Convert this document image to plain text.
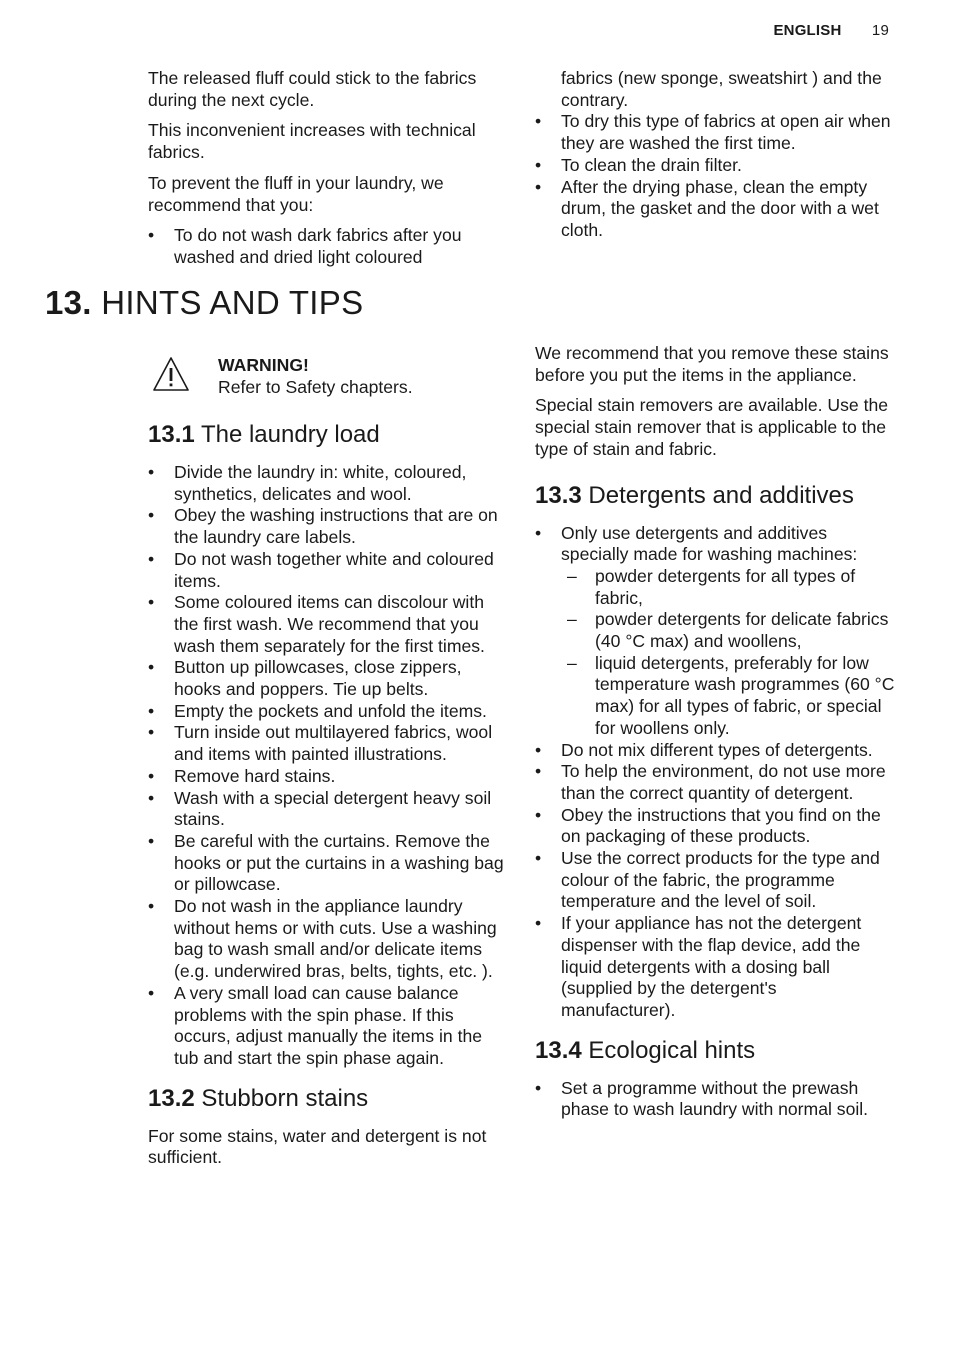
ENGLISH 19

The released fluff could stick to the fabrics during the next cycle.

This inconvenient increases with technical fabrics.

To prevent the fluff in your laundry, we recommend that you:

• To do not wash dark fabrics after you washed and dried light coloured

fabrics (new sponge, sweatshirt ) and the contrary.

• To dry this type of fabrics at open air when they are washed the first time.
• To clean the drain filter.
• After the drying phase, clean the empty drum, the gasket and the door with a wet cloth.
13. HINTS AND TIPS
WARNING!
Refer to Safety chapters.
13.1 The laundry load
• Divide the laundry in: white, coloured, synthetics, delicates and wool.
• Obey the washing instructions that are on the laundry care labels.
• Do not wash together white and coloured items.
• Some coloured items can discolour with the first wash. We recommend that you wash them separately for the first times.
• Button up pillowcases, close zippers, hooks and poppers. Tie up belts.
• Empty the pockets and unfold the items.
• Turn inside out multilayered fabrics, wool and items with painted illustrations.
• Remove hard stains.
• Wash with a special detergent heavy soil stains.
• Be careful with the curtains. Remove the hooks or put the curtains in a washing bag or pillowcase.
• Do not wash in the appliance laundry without hems or with cuts. Use a washing bag to wash small and/or delicate items (e.g. underwired bras, belts, tights, etc. ).
• A very small load can cause balance problems with the spin phase. If this occurs, adjust manually the items in the tub and start the spin phase again.
13.2 Stubborn stains

For some stains, water and detergent is not sufficient.

We recommend that you remove these stains before you put the items in the appliance.

Special stain removers are available. Use the special stain remover that is applicable to the type of stain and fabric.

13.3 Detergents and additives
• Only use detergents and additives specially made for washing machines:
– powder detergents for all types of fabric,
– powder detergents for delicate fabrics (40 °C max) and woollens,
– liquid detergents, preferably for low temperature wash programmes (60 °C max) for all types of fabric, or special for woollens only.
• Do not mix different types of detergents.
• To help the environment, do not use more than the correct quantity of detergent.
• Obey the instructions that you find on the on packaging of these products.
• Use the correct products for the type and colour of the fabric, the programme temperature and the level of soil.
• If your appliance has not the detergent dispenser with the flap device, add the liquid detergents with a dosing ball (supplied by the detergent's manufacturer).
13.4 Ecological hints
• Set a programme without the prewash phase to wash laundry with normal soil.
